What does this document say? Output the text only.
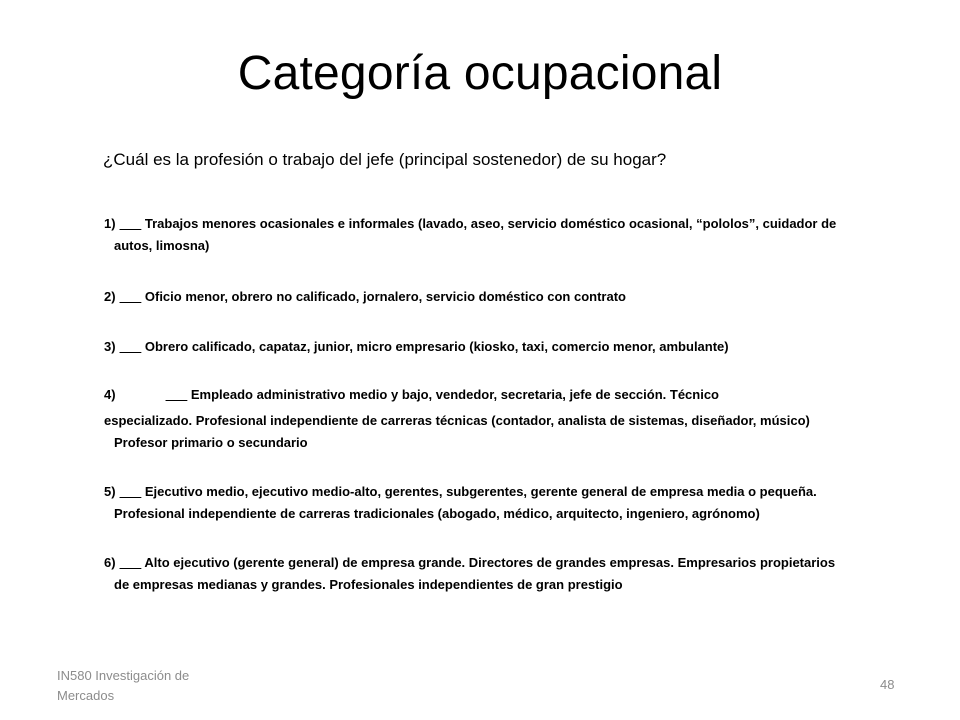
Categoría ocupacional

¿Cuál es la profesión o trabajo del jefe (principal sostenedor) de su hogar?

1) ___ Trabajos menores ocasionales e informales (lavado, aseo, servicio doméstico ocasional, “pololos”, cuidador de
autos, limosna)
2) ___ Oficio menor, obrero no calificado, jornalero, servicio doméstico con contrato
3) ___ Obrero calificado, capataz, junior, micro empresario (kiosko, taxi, comercio menor, ambulante)
4)	___ Empleado administrativo medio y bajo, vendedor, secretaria, jefe de sección. Técnico
especializado. Profesional independiente de carreras técnicas (contador, analista de sistemas, diseñador, músico)
Profesor primario o secundario
5) ___ Ejecutivo medio, ejecutivo medio-alto, gerentes, subgerentes, gerente general de empresa media o pequeña.
Profesional independiente de carreras tradicionales (abogado, médico, arquitecto, ingeniero, agrónomo)
6) ___ Alto ejecutivo (gerente general) de empresa grande. Directores de grandes empresas. Empresarios propietarios
de empresas medianas y grandes. Profesionales independientes de gran prestigio
IN580 Investigación de Mercados
48
